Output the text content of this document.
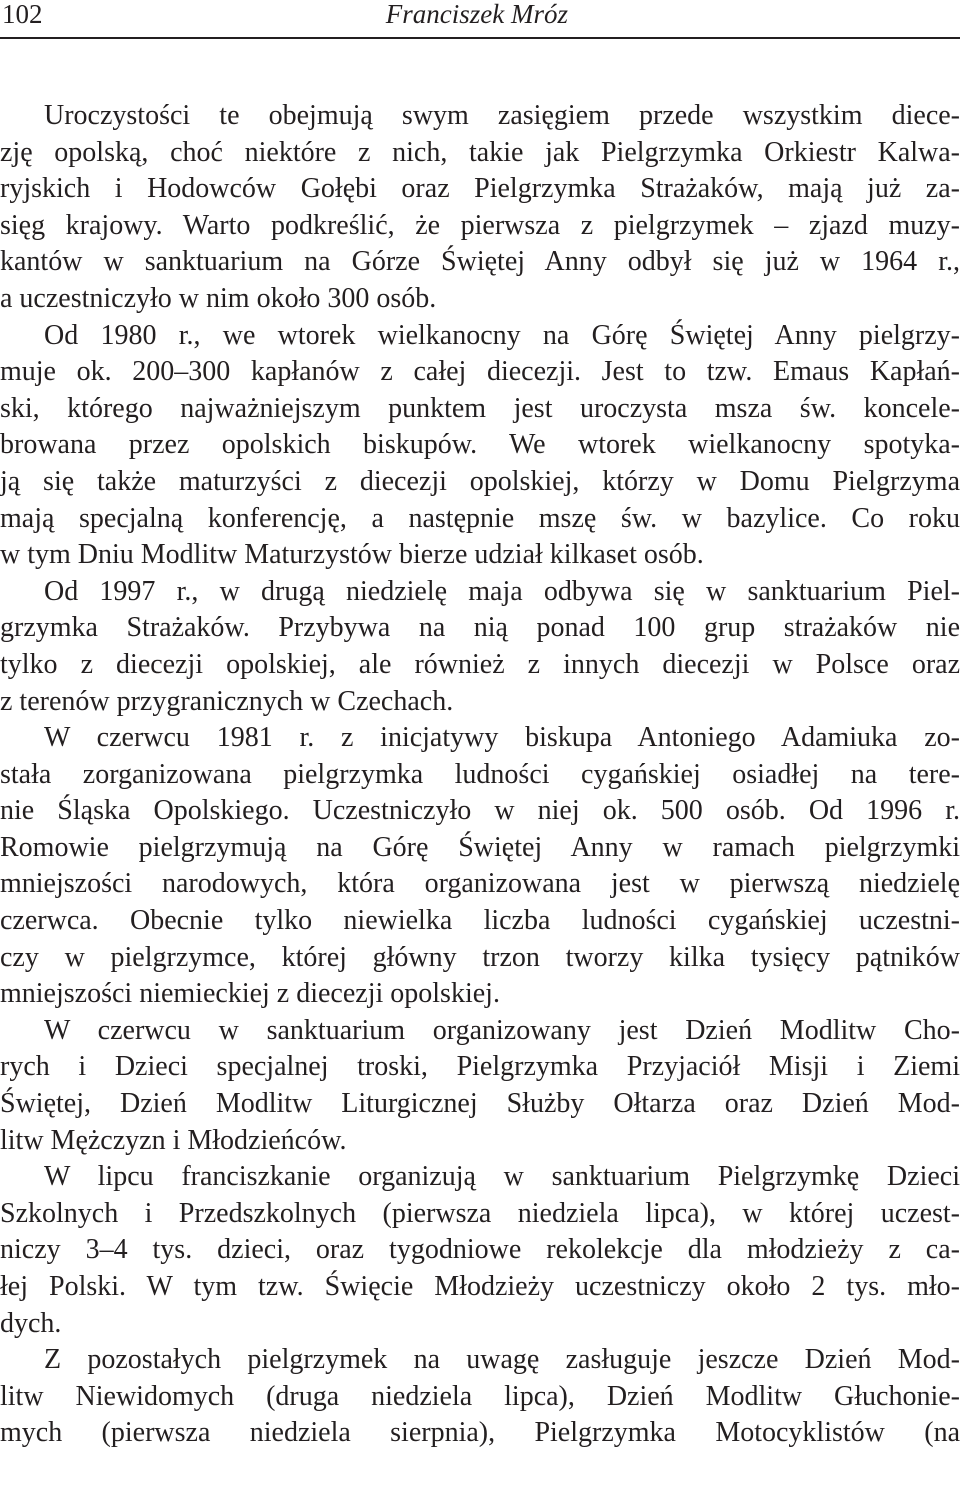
102	Franciszek Mróz
Uroczystości te obejmują swym zasięgiem przede wszystkim diece-
zję opolską, choć niektóre z nich, takie jak Pielgrzymka Orkiestr Kalwa-
ryjskich i Hodowców Gołębi oraz Pielgrzymka Strażaków, mają już za-
sięg krajowy. Warto podkreślić, że pierwsza z pielgrzymek – zjazd muzy-
kantów w sanktuarium na Górze Świętej Anny odbył się już w 1964 r.,
a uczestniczyło w nim około 300 osób.
Od 1980 r., we wtorek wielkanocny na Górę Świętej Anny pielgrzy-
muje ok. 200–300 kapłanów z całej diecezji. Jest to tzw. Emaus Kapłań-
ski, którego najważniejszym punktem jest uroczysta msza św. koncele-
browana przez opolskich biskupów. We wtorek wielkanocny spotyka-
ją się także maturzyści z diecezji opolskiej, którzy w Domu Pielgrzyma
mają specjalną konferencję, a następnie mszę św. w bazylice. Co roku
w tym Dniu Modlitw Maturzystów bierze udział kilkaset osób.
Od 1997 r., w drugą niedzielę maja odbywa się w sanktuarium Piel-
grzymka Strażaków. Przybywa na nią ponad 100 grup strażaków nie
tylko z diecezji opolskiej, ale również z innych diecezji w Polsce oraz
z terenów przygranicznych w Czechach.
W czerwcu 1981 r. z inicjatywy biskupa Antoniego Adamiuka zo-
stała zorganizowana pielgrzymka ludności cygańskiej osiadłej na tere-
nie Śląska Opolskiego. Uczestniczyło w niej ok. 500 osób. Od 1996 r.
Romowie pielgrzymują na Górę Świętej Anny w ramach pielgrzymki
mniejszości narodowych, która organizowana jest w pierwszą niedzielę
czerwca. Obecnie tylko niewielka liczba ludności cygańskiej uczestni-
czy w pielgrzymce, której główny trzon tworzy kilka tysięcy pątników
mniejszości niemieckiej z diecezji opolskiej.
W czerwcu w sanktuarium organizowany jest Dzień Modlitw Cho-
rych i Dzieci specjalnej troski, Pielgrzymka Przyjaciół Misji i Ziemi
Świętej, Dzień Modlitw Liturgicznej Służby Ołtarza oraz Dzień Mod-
litw Mężczyzn i Młodzieńców.
W lipcu franciszkanie organizują w sanktuarium Pielgrzymkę Dzieci
Szkolnych i Przedszkolnych (pierwsza niedziela lipca), w której uczest-
niczy 3–4 tys. dzieci, oraz tygodniowe rekolekcje dla młodzieży z ca-
łej Polski. W tym tzw. Święcie Młodzieży uczestniczy około 2 tys. mło-
dych.
Z pozostałych pielgrzymek na uwagę zasługuje jeszcze Dzień Mod-
litw Niewidomych (druga niedziela lipca), Dzień Modlitw Głuchonie-
mych (pierwsza niedziela sierpnia), Pielgrzymka Motocyklistów (na
